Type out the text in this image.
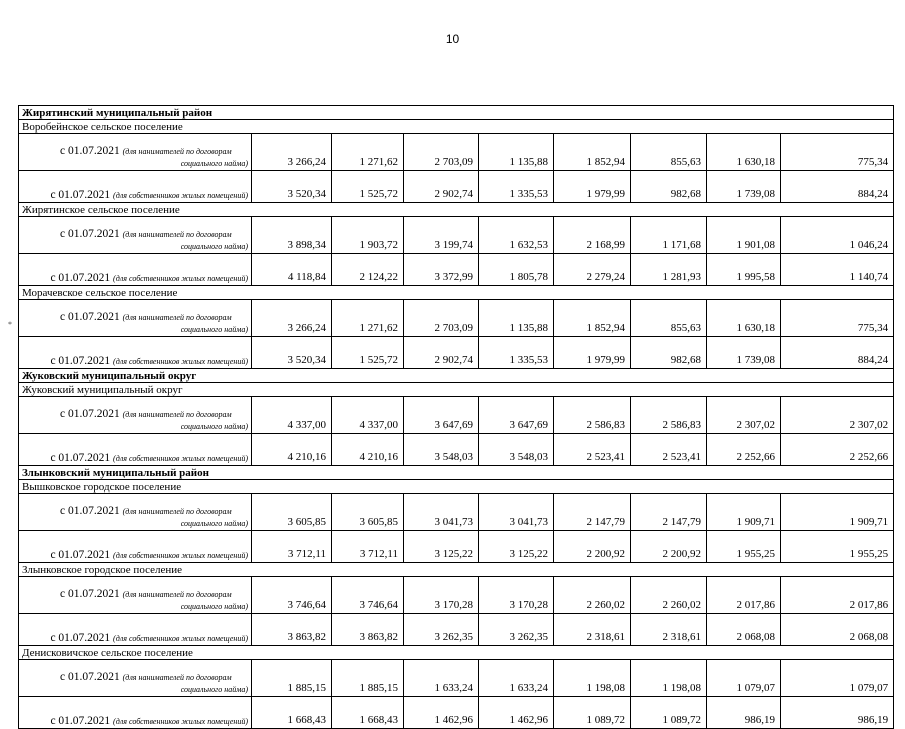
10
*
Жирятинский муниципальный район								
Воробейнское сельское поселение								

с 01.07.2021 (для нанимателей по договорам
социального найма)	3 266,24	1 271,62	2 703,09	1 135,88	1 852,94	855,63	1 630,18	775,34
с 01.07.2021 (для собственников жилых помещений)	3 520,34	1 525,72	2 902,74	1 335,53	1 979,99	982,68	1 739,08	884,24
Жирятинское сельское поселение								

с 01.07.2021 (для нанимателей по договорам
социального найма)	3 898,34	1 903,72	3 199,74	1 632,53	2 168,99	1 171,68	1 901,08	1 046,24
с 01.07.2021 (для собственников жилых помещений)	4 118,84	2 124,22	3 372,99	1 805,78	2 279,24	1 281,93	1 995,58	1 140,74
Морачевское сельское поселение								

с 01.07.2021 (для нанимателей по договорам
социального найма)	3 266,24	1 271,62	2 703,09	1 135,88	1 852,94	855,63	1 630,18	775,34
с 01.07.2021 (для собственников жилых помещений)	3 520,34	1 525,72	2 902,74	1 335,53	1 979,99	982,68	1 739,08	884,24
Жуковский муниципальный округ								
Жуковский муниципальный округ								

с 01.07.2021 (для нанимателей по договорам
социального найма)	4 337,00	4 337,00	3 647,69	3 647,69	2 586,83	2 586,83	2 307,02	2 307,02
с 01.07.2021 (для собственников жилых помещений)	4 210,16	4 210,16	3 548,03	3 548,03	2 523,41	2 523,41	2 252,66	2 252,66
Злынковский муниципальный район								
Вышковское городское поселение								

с 01.07.2021 (для нанимателей по договорам
социального найма)	3 605,85	3 605,85	3 041,73	3 041,73	2 147,79	2 147,79	1 909,71	1 909,71
с 01.07.2021 (для собственников жилых помещений)	3 712,11	3 712,11	3 125,22	3 125,22	2 200,92	2 200,92	1 955,25	1 955,25
Злынковское городское поселение								

с 01.07.2021 (для нанимателей по договорам
социального найма)	3 746,64	3 746,64	3 170,28	3 170,28	2 260,02	2 260,02	2 017,86	2 017,86
с 01.07.2021 (для собственников жилых помещений)	3 863,82	3 863,82	3 262,35	3 262,35	2 318,61	2 318,61	2 068,08	2 068,08
Денисковичское сельское поселение								

с 01.07.2021 (для нанимателей по договорам
социального найма)	1 885,15	1 885,15	1 633,24	1 633,24	1 198,08	1 198,08	1 079,07	1 079,07
с 01.07.2021 (для собственников жилых помещений)	1 668,43	1 668,43	1 462,96	1 462,96	1 089,72	1 089,72	986,19	986,19
